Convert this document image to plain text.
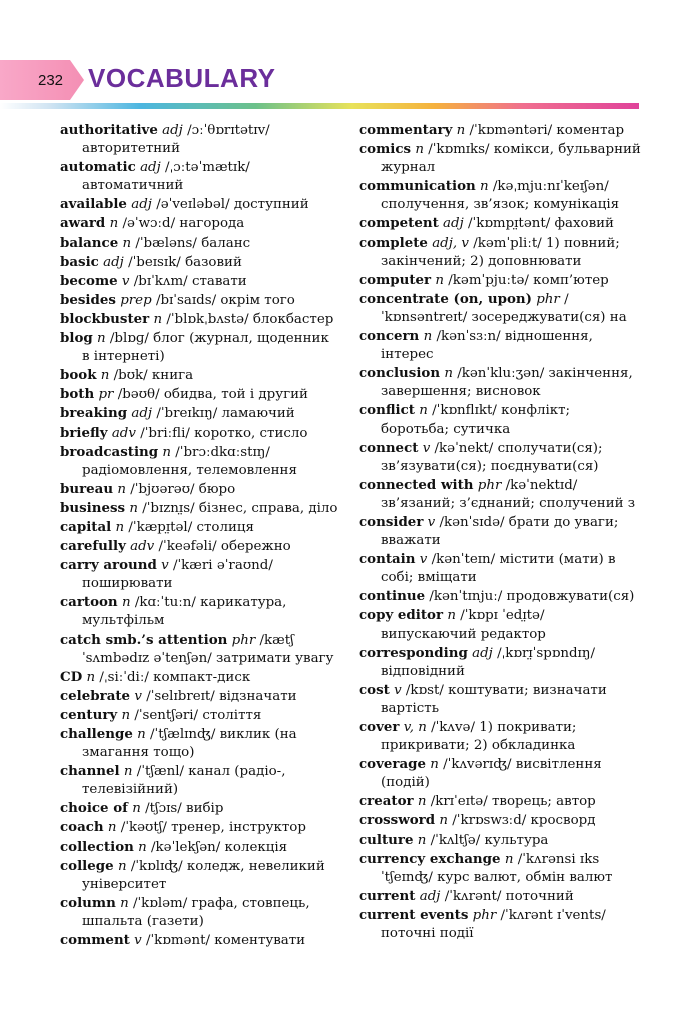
232 VOCABULARY
authoritative adj /ɔːˈθɒrɪtətɪv/ авторитетний
automatic adj /ˌɔːtəˈmætɪk/ автоматичний
available adj /əˈveɪləbəl/ доступний
award n /əˈwɔːd/ нагорода
balance n /ˈbæləns/ баланс
basic adj /ˈbeɪsɪk/ базовий
become v /bɪˈkʌm/ ставати
besides prep /bɪˈsaɪds/ окрім того
blockbuster n /ˈblɒkˌbʌstə/ блокбастер
blog n /blɒɡ/ блог (журнал, щоденник в інтернеті)
book n /bʊk/ книга
both pr /bəʊθ/ обидва, той і другий
breaking adj /ˈbreɪkɪŋ/ ламаючий
briefly adv /ˈbriːfli/ коротко, стисло
broadcasting n /ˈbrɔːdkɑːstɪŋ/ радіомовлення, телемовлення
bureau n /ˈbjʊərəʊ/ бюро
business n /ˈbɪznɪ̤s/ бізнес, справа, діло
capital n /ˈkæpɪ̤təl/ столиця
carefully adv /ˈkeəfəli/ обережно
carry around v /ˈkæri əˈraʊnd/ поширювати
cartoon n /kɑːˈtuːn/ карикатура, мультфільм
catch smb.’s attention phr /kætʃ ˈsʌmbədɪz əˈtenʃən/ затримати увагу
CD n /ˌsiːˈdiː/ компакт-диск
celebrate v /ˈselɪbreɪt/ відзначати
century n /ˈsentʃəri/ століття
challenge n /ˈtʃælɪnʤ/ виклик (на змагання тощо)
channel n /ˈtʃænl/ канал (радіо-, телевізійний)
choice of n /tʃɔɪs/ вибір
coach n /ˈkəʊtʃ/ тренер, інструктор
collection n /kəˈlekʃən/ колекція
college n /ˈkɒlɪʤ/ коледж, невеликий університет
column n /ˈkɒləm/ графа, стовпець, шпальта (газети)
comment v /ˈkɒmənt/ коментувати
commentary n /ˈkɒməntəri/ коментар
comics n /ˈkɒmɪks/ комікси, бульварний журнал
communication n /kəˌmjuːnɪˈkeɪʃən/ сполучення, зв’язок; комунікація
competent adj /ˈkɒmpɪ̤tənt/ фаховий
complete adj, v /kəmˈpliːt/ 1) повний; закінчений; 2) доповнювати
computer n /kəmˈpjuːtə/ комп’ютер
concentrate (on, upon) phr /ˈkɒnsəntreɪt/ зосереджувати(ся) на
concern n /kənˈsɜːn/ відношення, інтерес
conclusion n /kənˈkluːʒən/ закінчення, завершення; висновок
conflict n /ˈkɒnflɪkt/ конфлікт; боротьба; сутичка
connect v /kəˈnekt/ сполучати(ся); зв’язувати(ся); поєднувати(ся)
connected with phr /kəˈnektɪd/ зв’язаний; з’єднаний; сполучений з
consider v /kənˈsɪdə/ брати до уваги; вважати
contain v /kənˈteɪn/ містити (мати) в собі; вміщати
continue /kənˈtɪnjuː/ продовжувати(ся)
copy editor n /ˈkɒpɪ ˈedɪ̤tə/ випускаючий редактор
corresponding adj /ˌkɒrɪ̤ˈspɒndɪŋ/ відповідний
cost v /kɒst/ коштувати; визначати вартість
cover v, n /ˈkʌvə/ 1) покривати; прикривати; 2) обкладинка
coverage n /ˈkʌvərɪʤ/ висвітлення (подій)
creator n /krɪˈeɪtə/ творець; автор
crossword n /ˈkrɒswɜːd/ кросворд
culture n /ˈkʌltʃə/ культура
currency exchange n /ˈkʌrənsi ɪksˈtʃeɪnʤ/ курс валют, обмін валют
current adj /ˈkʌrənt/ поточний
current events phr /ˈkʌrənt ɪˈvents/ поточні події
